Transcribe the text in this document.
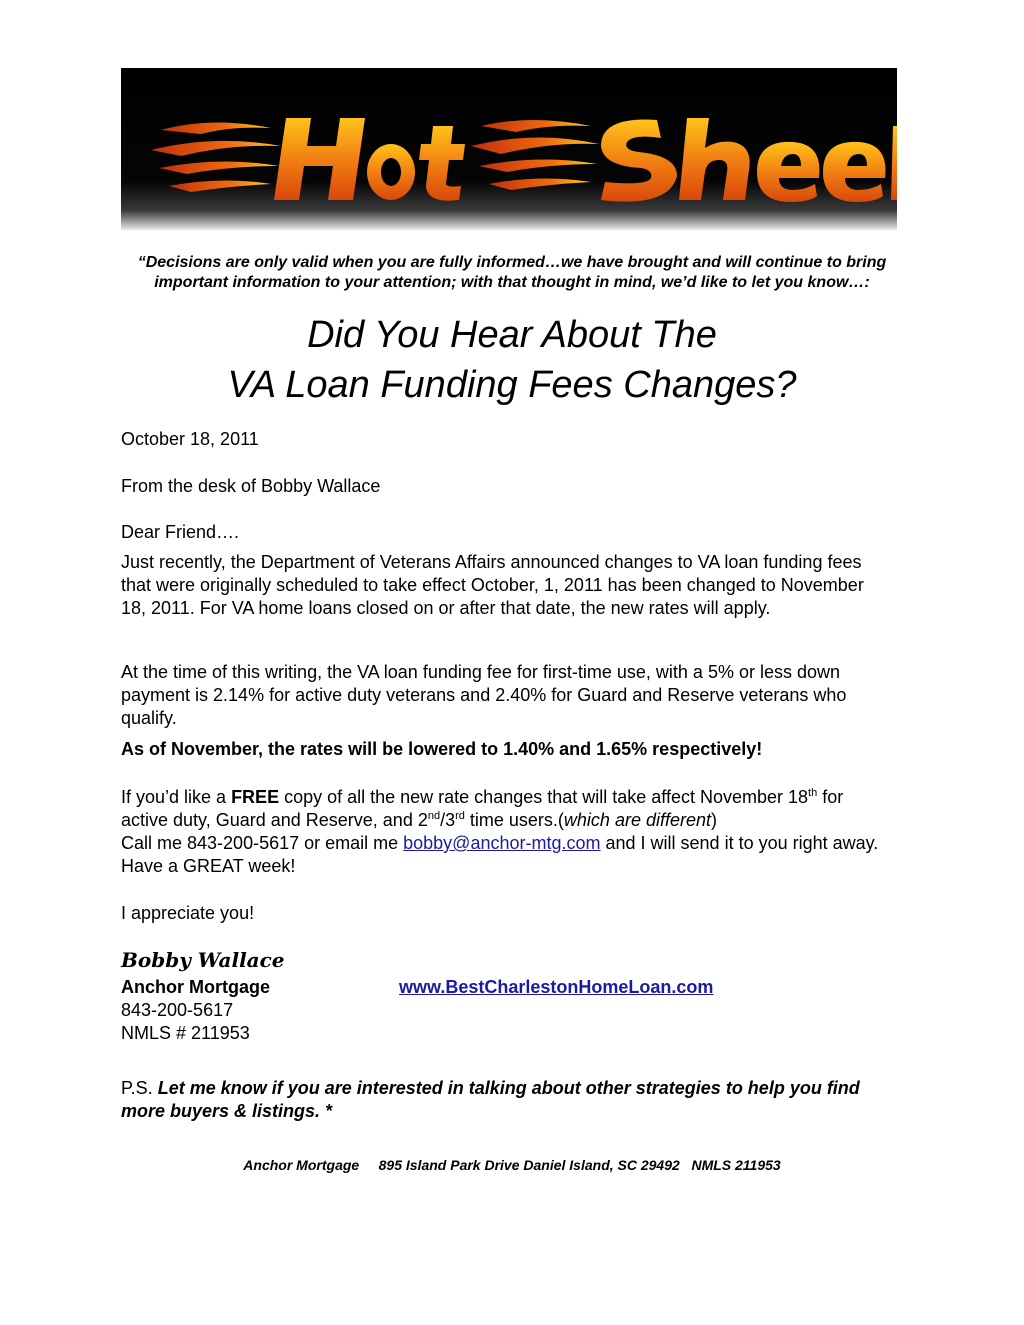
“Decisions are only valid when you are fully informed…we have brought and will continue to bring
important information to your attention; with that thought in mind, we’d like to let you know…:
Did You Hear About The
VA Loan Funding Fees Changes?
October 18, 2011
From the desk of Bobby Wallace
Dear Friend….
Just recently, the Department of Veterans Affairs announced changes to VA loan funding fees that were originally scheduled to take effect October, 1, 2011 has been changed to November 18, 2011. For VA home loans closed on or after that date, the new rates will apply.
At the time of this writing, the VA loan funding fee for first-time use, with a 5% or less down payment is 2.14% for active duty veterans and 2.40% for Guard and Reserve veterans who qualify.
As of November, the rates will be lowered to 1.40% and 1.65% respectively!
If you’d like a FREE copy of all the new rate changes that will take affect November 18th for active duty, Guard and Reserve, and 2nd/3rd time users.(which are different)
Call me 843-200-5617 or email me bobby@anchor-mtg.com and I will send it to you right away. Have a GREAT week!
I appreciate you!
Bobby Wallace
Anchor Mortgage	www.BestCharlestonHomeLoan.com
843-200-5617
NMLS # 211953
P.S. Let me know if you are interested in talking about other strategies to help you find more buyers & listings. *
Anchor Mortgage     895 Island Park Drive Daniel Island, SC 29492   NMLS 211953
